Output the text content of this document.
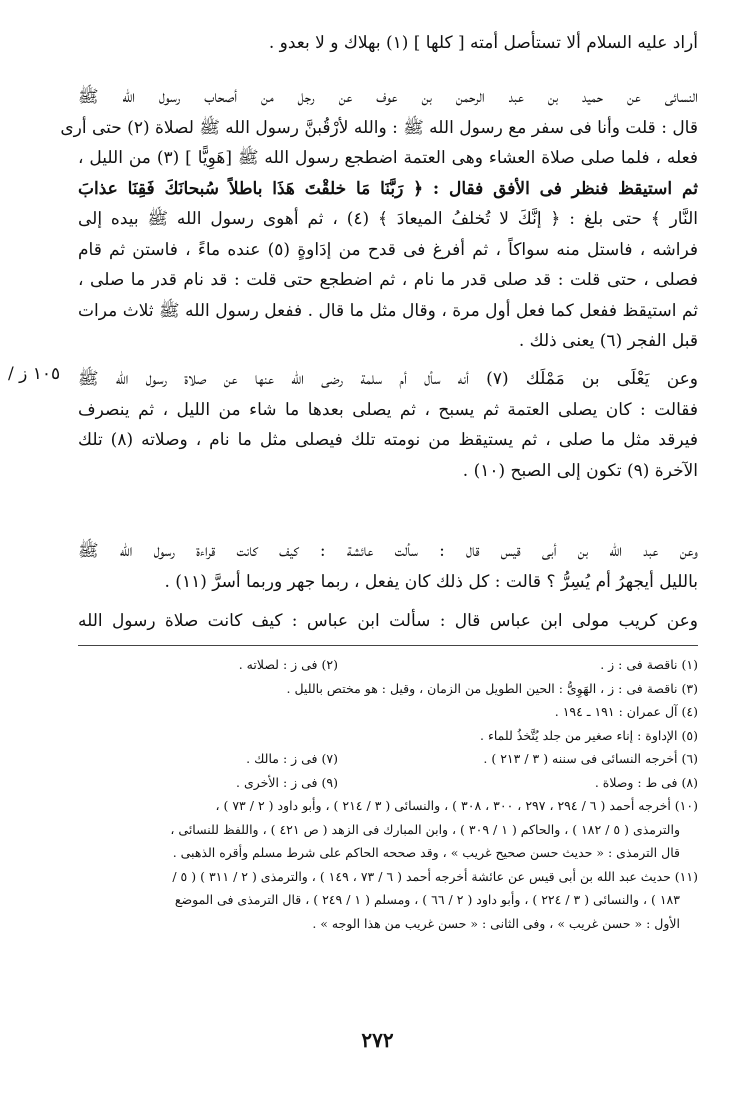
أراد عليه السلام ألا تستأصل أمته [ كلها ] (١) بهلاك و لا بعدو .
النسائى عن حميد بن عبد الرحمن بن عوف عن رجل من أصحاب رسول الله ﷺ
قال : قلت وأنا فى سفر مع رسول الله ﷺ : والله لأرْقُبنَّ رسول الله ﷺ لصلاة (٢) حتى أرى
فعله ، فلما صلى صلاة العشاء وهى العتمة اضطجع رسول الله ﷺ [هَوِيًّا ] (٣) من الليل ،
ثم استيقظ فنظر فى الأفق فقال : ﴿ رَبَّنَا مَا خلقْتَ هَذَا باطلاً سُبحانَكَ فَقِنَا عذابَ
النَّار ﴾ حتى بلغ : ﴿ إنَّكَ لا تُخلفُ الميعادَ ﴾ (٤) ، ثم أهوى رسول الله ﷺ بيده إلى
فراشه ، فاستل منه سواكاً ، ثم أفرغ فى قدح من إدَاوةٍ (٥) عنده ماءً ، فاستن ثم قام
فصلى ، حتى قلت : قد صلى قدر ما نام ، ثم اضطجع حتى قلت : قد نام قدر ما صلى ،
ثم استيقظ ففعل كما فعل أول مرة ، وقال مثل ما قال . ففعل رسول الله ﷺ ثلاث مرات
قبل الفجر (٦) يعنى ذلك .
وعن يَعْلَى بن مَمْلَك (٧) أنه سأل أم سلمة رضى الله عنها عن صلاة رسول الله ﷺ
فقالت : كان يصلى العتمة ثم يسبح ، ثم يصلى بعدها ما شاء من الليل ، ثم ينصرف
فيرقد مثل ما صلى ، ثم يستيقظ من نومته تلك فيصلى مثل ما نام ، وصلاته (٨) تلك
الآخرة (٩) تكون إلى الصبح (١٠) .
١٠٥ ز /
وعن عبد الله بن أبى قيس قال : سألت عائشة : كيف كانت قراءة رسول الله ﷺ
بالليل أيجهرُ أم يُسِرُّ ؟ قالت : كل ذلك كان يفعل ، ربما جهر وربما أسرَّ (١١) .
وعن كريب مولى ابن عباس قال : سألت ابن عباس : كيف كانت صلاة رسول الله
(١) ناقصة فى : ز .
(٢) فى ز : لصلاته .
(٣) ناقصة فى : ز ، الهَوِىُّ : الحين الطويل من الزمان ، وقيل : هو مختص بالليل .
(٤) آل عمران : ١٩١ ـ ١٩٤ .
(٥) الإداوة : إناء صغير من جلد يُتَّخذُ للماء .
(٦) أخرجه النسائى فى سننه ( ٣ / ٢١٣ ) .
(٧) فى ز : مالك .
(٨) فى ط : وصلاة .
(٩) فى ز : الأخرى .
(١٠) أخرجه أحمد ( ٦ / ٢٩٤ ، ٢٩٧ ، ٣٠٠ ، ٣٠٨ ) ، والنسائى ( ٣ / ٢١٤ ) ، وأبو داود ( ٢ / ٧٣ ) ،
والترمذى ( ٥ / ١٨٢ ) ، والحاكم ( ١ / ٣٠٩ ) ، وابن المبارك فى الزهد ( ص ٤٢١ ) ، واللفظ للنسائى ،
قال الترمذى : « حديث حسن صحيح غريب » ، وقد صححه الحاكم على شرط مسلم وأقره الذهبى .
(١١) حديث عبد الله بن أبى قيس عن عائشة أخرجه أحمد ( ٦ / ٧٣ ، ١٤٩ ) ، والترمذى ( ٢ / ٣١١ ) ( ٥ /
١٨٣ ) ، والنسائى ( ٣ / ٢٢٤ ) ، وأبو داود ( ٢ / ٦٦ ) ، ومسلم ( ١ / ٢٤٩ ) ، قال الترمذى فى الموضع
الأول : « حسن غريب » ، وفى الثانى : « حسن غريب من هذا الوجه » .
٢٧٢
